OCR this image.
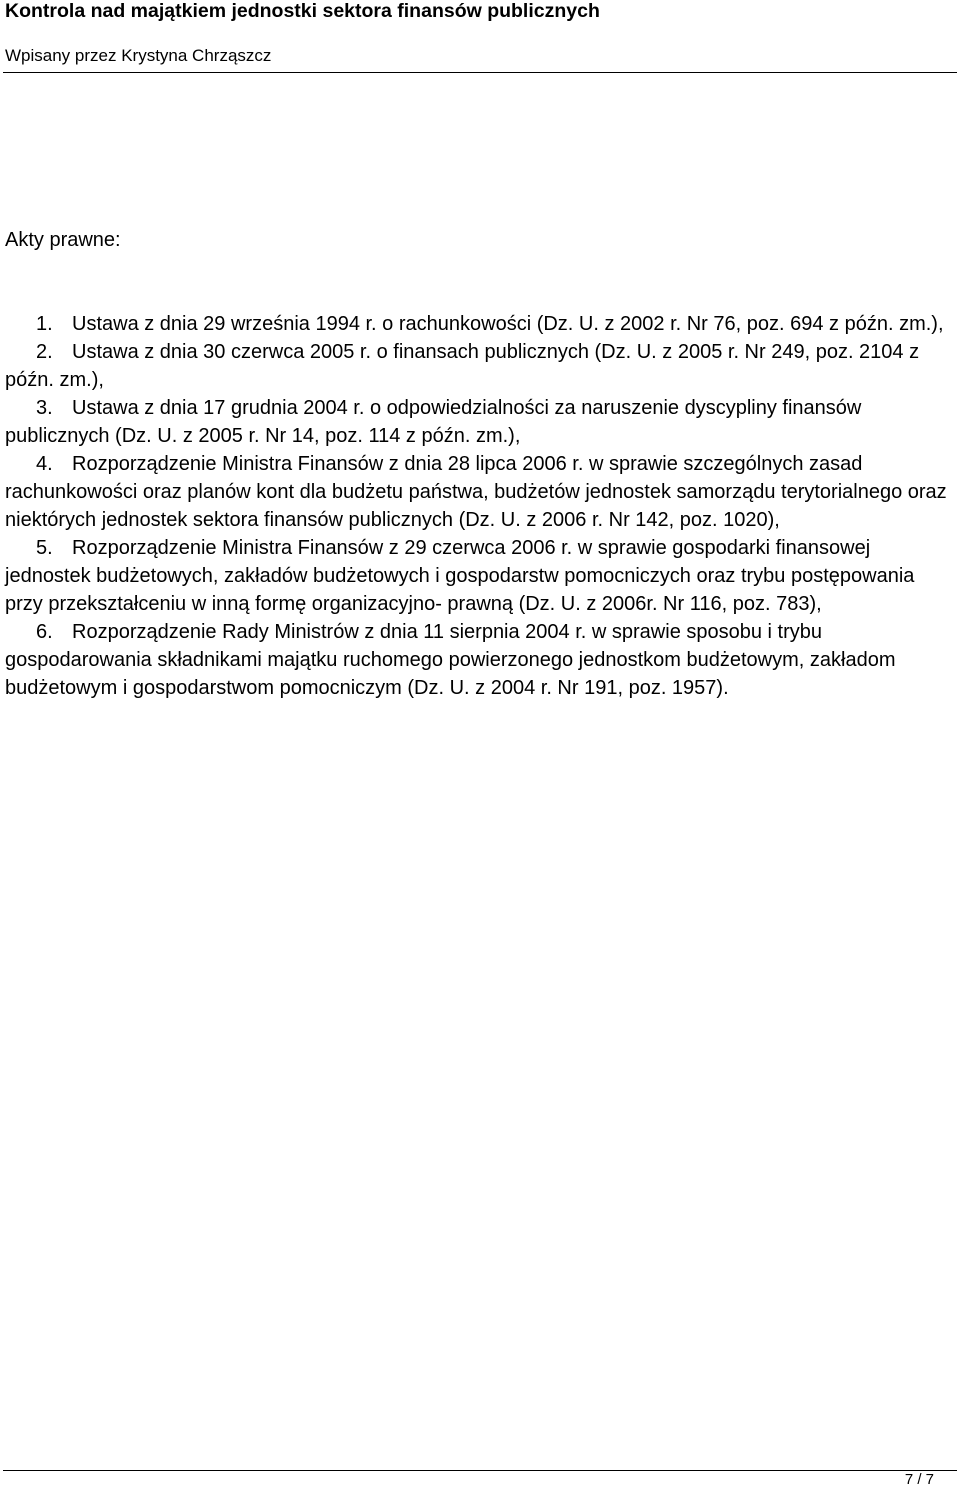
Kontrola nad majątkiem jednostki sektora finansów publicznych
Wpisany przez Krystyna Chrząszcz
Akty prawne:
1. Ustawa z dnia 29 września 1994 r. o rachunkowości (Dz. U. z 2002 r. Nr 76, poz. 694 z późn. zm.),
2. Ustawa z dnia 30 czerwca 2005 r. o finansach publicznych (Dz. U. z 2005 r. Nr 249, poz. 2104 z późn. zm.),
3. Ustawa z dnia 17 grudnia 2004 r. o odpowiedzialności za naruszenie dyscypliny finansów publicznych (Dz. U. z 2005 r. Nr 14, poz. 114 z późn. zm.),
4. Rozporządzenie Ministra Finansów z dnia 28 lipca 2006 r. w sprawie szczególnych zasad rachunkowości oraz planów kont dla budżetu państwa, budżetów jednostek samorządu terytorialnego oraz niektórych jednostek sektora finansów publicznych (Dz. U. z 2006 r. Nr 142, poz. 1020),
5. Rozporządzenie Ministra Finansów z 29 czerwca 2006 r. w sprawie gospodarki finansowej jednostek budżetowych, zakładów budżetowych i gospodarstw pomocniczych oraz trybu postępowania przy przekształceniu w inną formę organizacyjno- prawną (Dz. U. z 2006r. Nr 116, poz. 783),
6. Rozporządzenie Rady Ministrów z dnia 11 sierpnia 2004 r. w sprawie sposobu i trybu gospodarowania składnikami majątku ruchomego powierzonego jednostkom budżetowym, zakładom budżetowym i gospodarstwom pomocniczym (Dz. U. z 2004 r. Nr 191, poz. 1957).
7 / 7
